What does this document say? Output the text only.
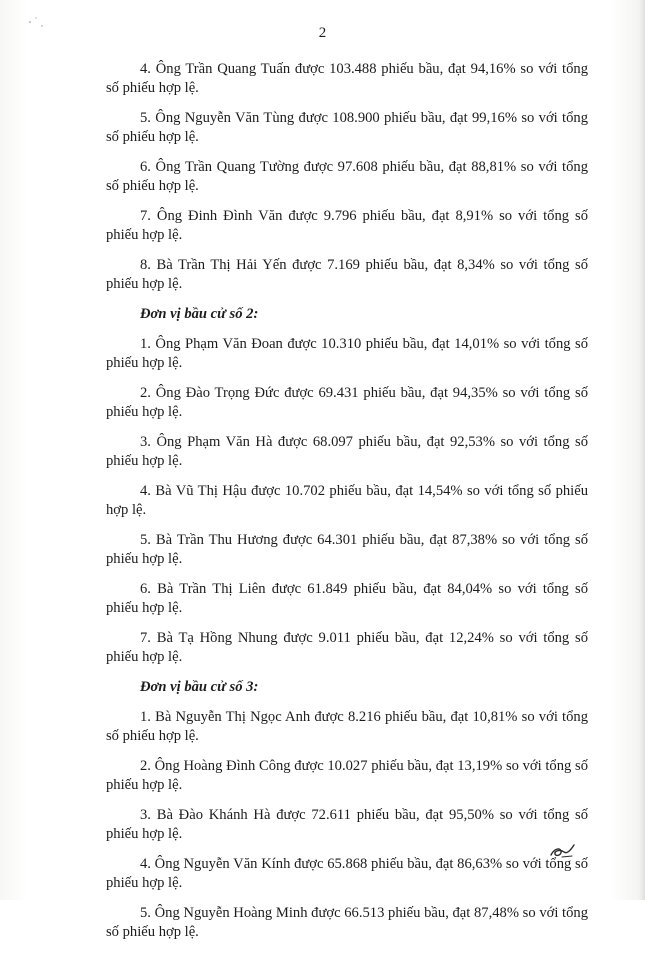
2

4. Ông Trần Quang Tuấn được 103.488 phiếu bầu, đạt 94,16% so với tổng số phiếu hợp lệ.

5. Ông Nguyễn Văn Tùng được 108.900 phiếu bầu, đạt 99,16% so với tổng số phiếu hợp lệ.

6. Ông Trần Quang Tường được 97.608 phiếu bầu, đạt 88,81% so với tổng số phiếu hợp lệ.

7. Ông Đinh Đình Văn được 9.796 phiếu bầu, đạt 8,91% so với tổng số phiếu hợp lệ.

8. Bà Trần Thị Hải Yến được 7.169 phiếu bầu, đạt 8,34% so với tổng số phiếu hợp lệ.

Đơn vị bầu cử số 2:

1. Ông Phạm Văn Đoan được 10.310 phiếu bầu, đạt 14,01% so với tổng số phiếu hợp lệ.

2. Ông Đào Trọng Đức được 69.431 phiếu bầu, đạt 94,35% so với tổng số phiếu hợp lệ.

3. Ông Phạm Văn Hà được 68.097 phiếu bầu, đạt 92,53% so với tổng số phiếu hợp lệ.

4. Bà Vũ Thị Hậu được 10.702 phiếu bầu, đạt 14,54% so với tổng số phiếu hợp lệ.

5. Bà Trần Thu Hương được 64.301 phiếu bầu, đạt 87,38% so với tổng số phiếu hợp lệ.

6. Bà Trần Thị Liên được 61.849 phiếu bầu, đạt 84,04% so với tổng số phiếu hợp lệ.

7. Bà Tạ Hồng Nhung được 9.011 phiếu bầu, đạt 12,24% so với tổng số phiếu hợp lệ.

Đơn vị bầu cử số 3:

1. Bà Nguyễn Thị Ngọc Anh được 8.216 phiếu bầu, đạt 10,81% so với tổng số phiếu hợp lệ.

2. Ông Hoàng Đình Công được 10.027 phiếu bầu, đạt 13,19% so với tổng số phiếu hợp lệ.

3. Bà Đào Khánh Hà được 72.611 phiếu bầu, đạt 95,50% so với tổng số phiếu hợp lệ.

4. Ông Nguyễn Văn Kính được 65.868 phiếu bầu, đạt 86,63% so với tổng số phiếu hợp lệ.

5. Ông Nguyễn Hoàng Minh được 66.513 phiếu bầu, đạt 87,48% so với tổng số phiếu hợp lệ.
